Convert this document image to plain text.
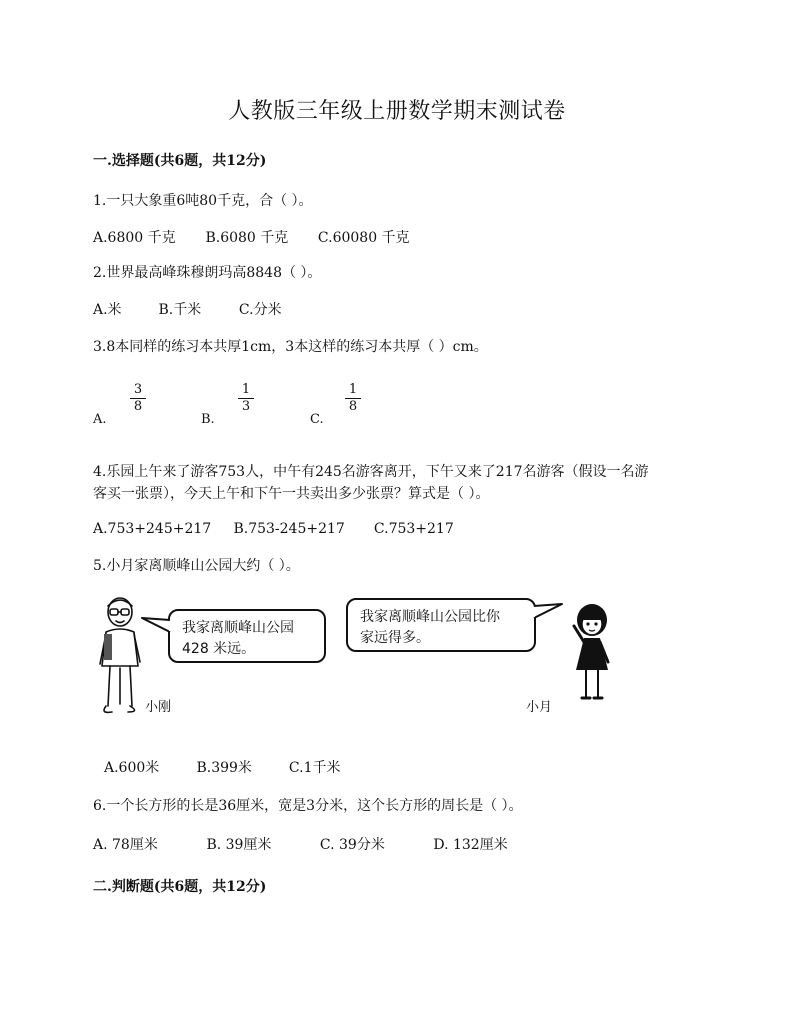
人教版三年级上册数学期末测试卷
一.选择题(共6题，共12分)
1.一只大象重6吨80千克，合（ ）。
A.6800 千克 B.6080 千克 C.60080 千克
2.世界最高峰珠穆朗玛高8848（ ）。
A.米	B.千米	C.分米
3.8本同样的练习本共厚1cm，3本这样的练习本共厚（ ）cm。
A.
3
8
B.
1
3
C.
1
8
4.乐园上午来了游客753人，中午有245名游客离开，下午又来了217名游客（假设一名游
客买一张票），今天上午和下午一共卖出多少张票？算式是（ ）。
A.753+245+217 B.753-245+217 C.753+217
5.小月家离顺峰山公园大约（ ）。
小刚
我家离顺峰山公园
428 米远。
我家离顺峰山公园比你
家远得多。
小月
A.600米	B.399米	C.1千米
6.一个长方形的长是36厘米，宽是3分米，这个长方形的周长是（ ）。
A. 78厘米	B. 39厘米	C. 39分米	D. 132厘米
二.判断题(共6题，共12分)
